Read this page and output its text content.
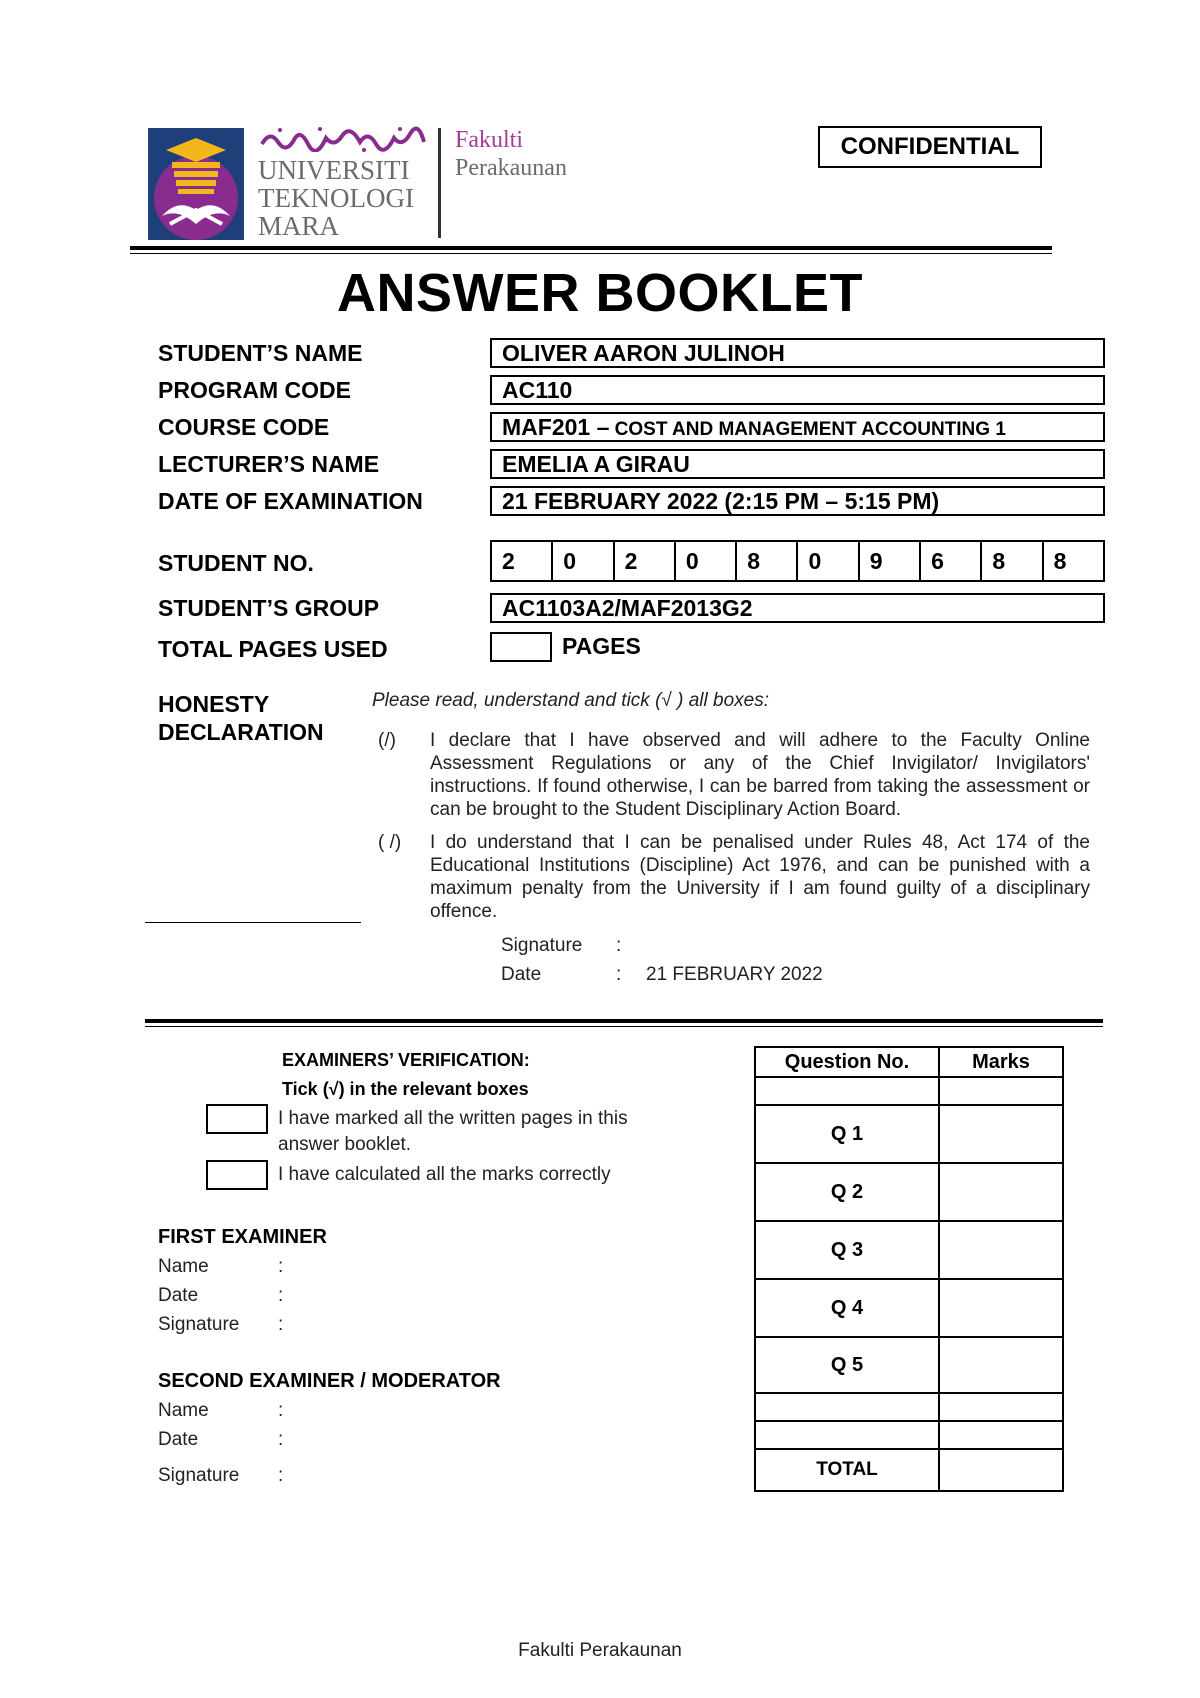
UNIVERSITI
TEKNOLOGI
MARA
Fakulti
Perakaunan
CONFIDENTIAL
ANSWER BOOKLET
STUDENT’S NAME	OLIVER AARON JULINOH
PROGRAM CODE	AC110
COURSE CODE	MAF201 – COST AND MANAGEMENT ACCOUNTING 1
LECTURER’S NAME	EMELIA A GIRAU
DATE OF EXAMINATION	21 FEBRUARY 2022 (2:15 PM – 5:15 PM)
STUDENT NO.	2	0	2	0	8	0	9	6	8	8
STUDENT’S GROUP	AC1103A2/MAF2013G2
TOTAL PAGES USED	PAGES
HONESTY
DECLARATION
Please read, understand and tick (√ ) all boxes:
(/) I declare that I have observed and will adhere to the Faculty Online Assessment Regulations or any of the Chief Invigilator/ Invigilators' instructions. If found otherwise, I can be barred from taking the assessment or can be brought to the Student Disciplinary Action Board.
( /) I do understand that I can be penalised under Rules 48, Act 174 of the Educational Institutions (Discipline) Act 1976, and can be punished with a maximum penalty from the University if I am found guilty of a disciplinary offence.
Signature :
Date	: 21 FEBRUARY 2022
EXAMINERS’ VERIFICATION:
Tick (√) in the relevant boxes
I have marked all the written pages in this answer booklet.
I have calculated all the marks correctly
FIRST EXAMINER
Name	:
Date	:
Signature :
SECOND EXAMINER / MODERATOR
Name	:
Date	:
Signature :
Question No.	Marks

Q 1	
Q 2	
Q 3	
Q 4	
Q 5	

TOTAL	
Fakulti Perakaunan
